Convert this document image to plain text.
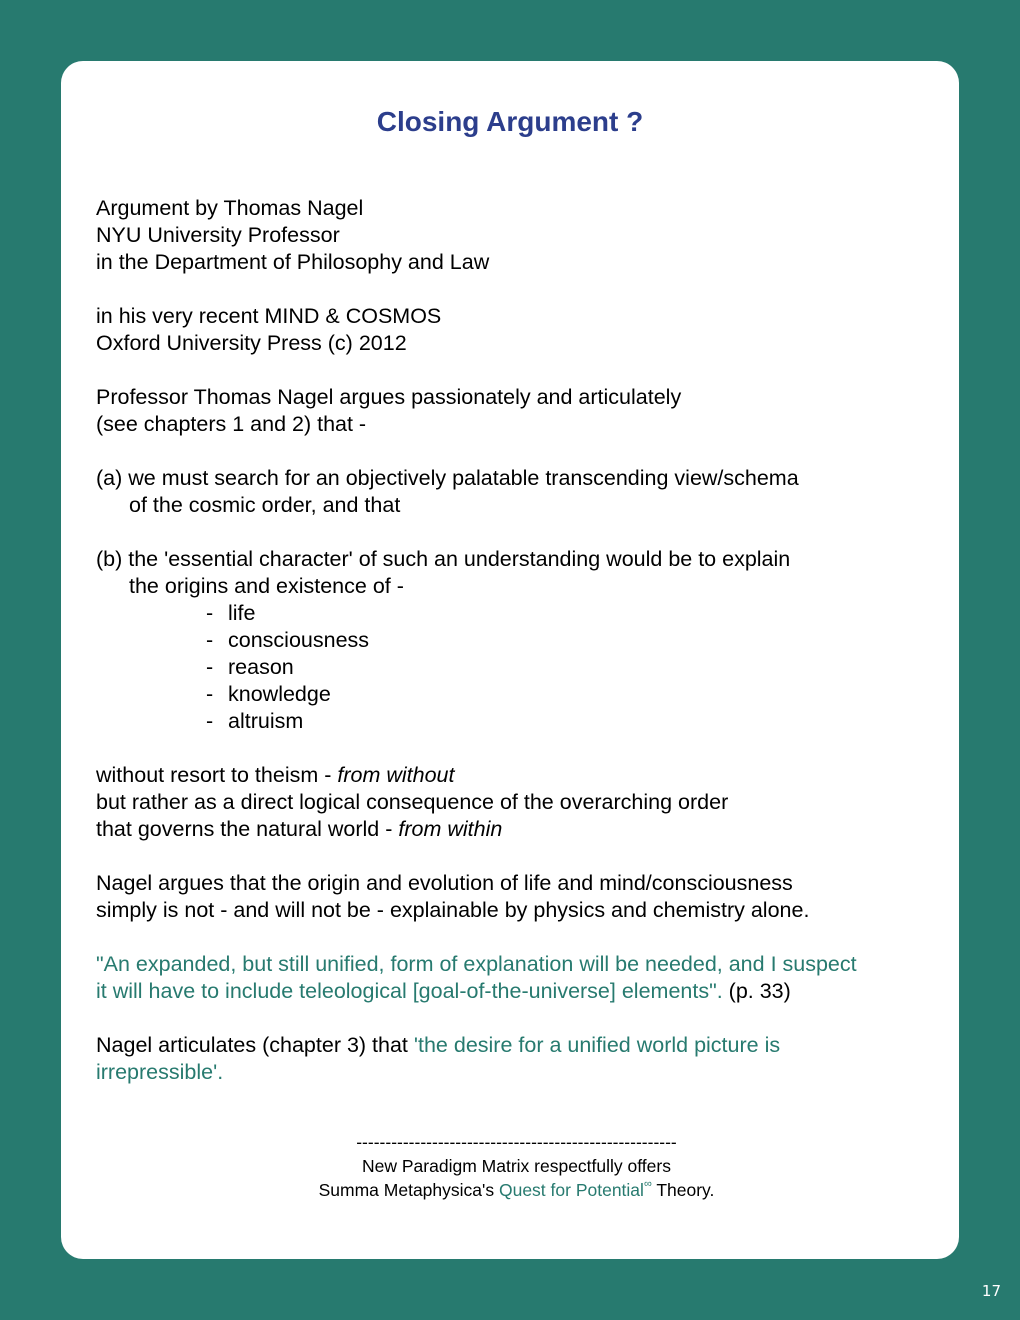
Closing Argument ?

Argument by Thomas Nagel

NYU University Professor

in the Department of Philosophy and Law

in his very recent MIND & COSMOS

Oxford University Press (c) 2012

Professor Thomas Nagel argues passionately and articulately

(see chapters 1 and 2) that -

(a) we must search for an objectively palatable transcending view/schema

of the cosmic order, and that

(b) the 'essential character' of such an understanding would be to explain

the origins and existence of -

- life

- consciousness

- reason

- knowledge

- altruism

without resort to theism - from without

but rather as a direct logical consequence of the overarching order

that governs the natural world - from within

Nagel argues that the origin and evolution of life and mind/consciousness

simply is not - and will not be - explainable by physics and chemistry alone.

"An expanded, but still unified, form of explanation will be needed, and I suspect

it will have to include teleological [goal-of-the-universe] elements". (p. 33)

Nagel articulates (chapter 3) that 'the desire for a unified world picture is

irrepressible'.

-------------------------------------------------------

New Paradigm Matrix respectfully offers

Summa Metaphysica's Quest for Potential∞ Theory.

17
